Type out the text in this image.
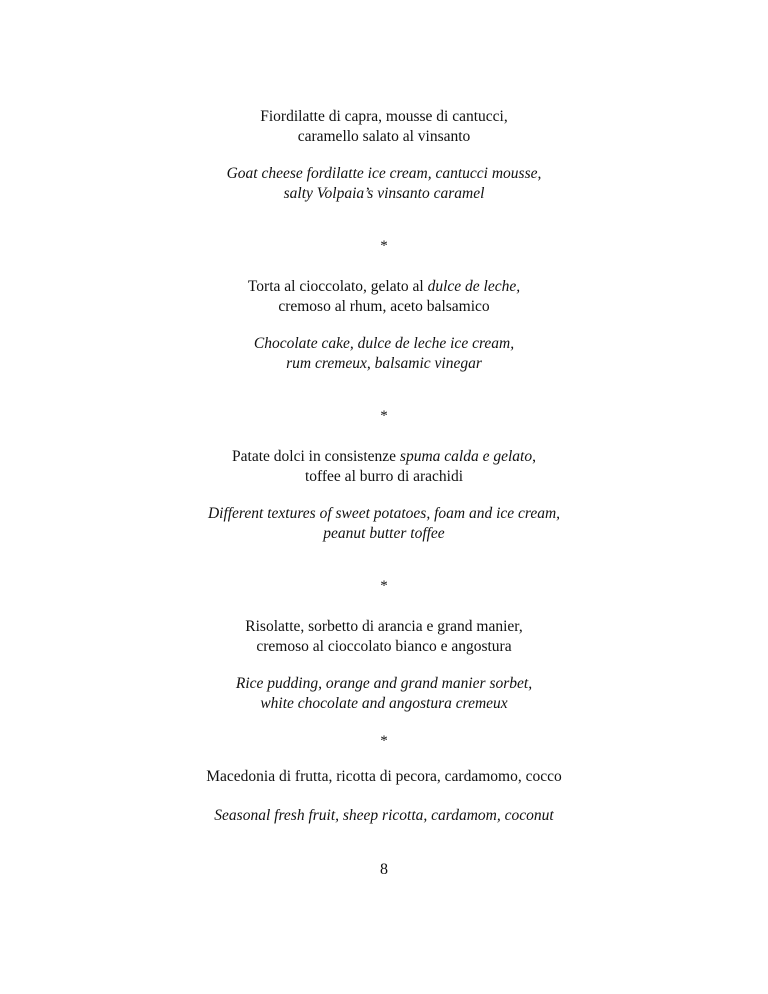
Fiordilatte di capra, mousse di cantucci,
caramello salato al vinsanto
Goat cheese fordilatte ice cream, cantucci mousse,
salty Volpaia’s vinsanto caramel
*
Torta al cioccolato, gelato al dulce de leche,
cremoso al rhum, aceto balsamico
Chocolate cake, dulce de leche ice cream,
rum cremeux, balsamic vinegar
*
Patate dolci in consistenze spuma calda e gelato,
toffee al burro di arachidi
Different textures of sweet potatoes, foam and ice cream,
peanut butter toffee
*
Risolatte, sorbetto di arancia e grand manier,
cremoso al cioccolato bianco e angostura
Rice pudding, orange and grand manier sorbet,
white chocolate and angostura cremeux
*
Macedonia di frutta, ricotta di pecora, cardamomo, cocco
Seasonal fresh fruit, sheep ricotta, cardamom, coconut
8
